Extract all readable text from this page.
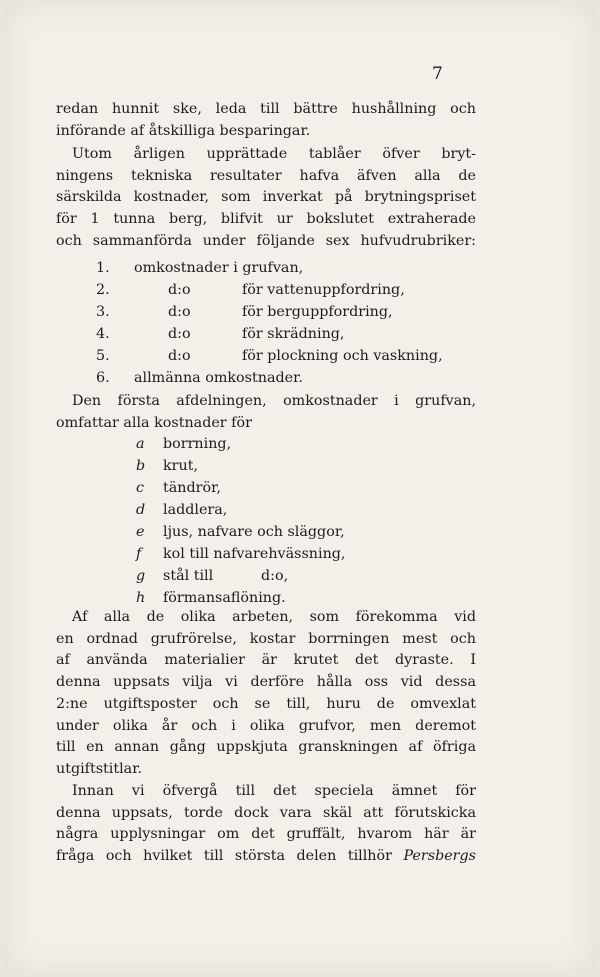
7
redan hunnit ske, leda till bättre hushållning och
införande af åtskilliga besparingar.
Utom årligen upprättade tablåer öfver bryt-
ningens tekniska resultater hafva äfven alla de
särskilda kostnader, som inverkat på brytningspriset
för 1 tunna berg, blifvit ur bokslutet extraherade
och sammanförda under följande sex hufvudrubriker:
1.	omkostnader i grufvan,
2.	d:o	för vattenuppfordring,
3.	d:o	för berguppfordring,
4.	d:o	för skrädning,
5.	d:o	för plockning och vaskning,
6.	allmänna omkostnader.
Den första afdelningen, omkostnader i grufvan,
omfattar alla kostnader för
a	borrning,
b	krut,
c	tändrör,
d	laddlera,
e	ljus, nafvare och släggor,
f	kol till nafvarehvässning,
g	stål till	d:o,
h	förmansaflöning.
Af alla de olika arbeten, som förekomma vid
en ordnad grufrörelse, kostar borrningen mest och
af använda materialier är krutet det dyraste. I
denna uppsats vilja vi derföre hålla oss vid dessa
2:ne utgiftsposter och se till, huru de omvexlat
under olika år och i olika grufvor, men deremot
till en annan gång uppskjuta granskningen af öfriga
utgiftstitlar.
Innan vi öfvergå till det speciela ämnet för
denna uppsats, torde dock vara skäl att förutskicka
några upplysningar om det gruffält, hvarom här är
fråga och hvilket till största delen tillhör Persbergs
